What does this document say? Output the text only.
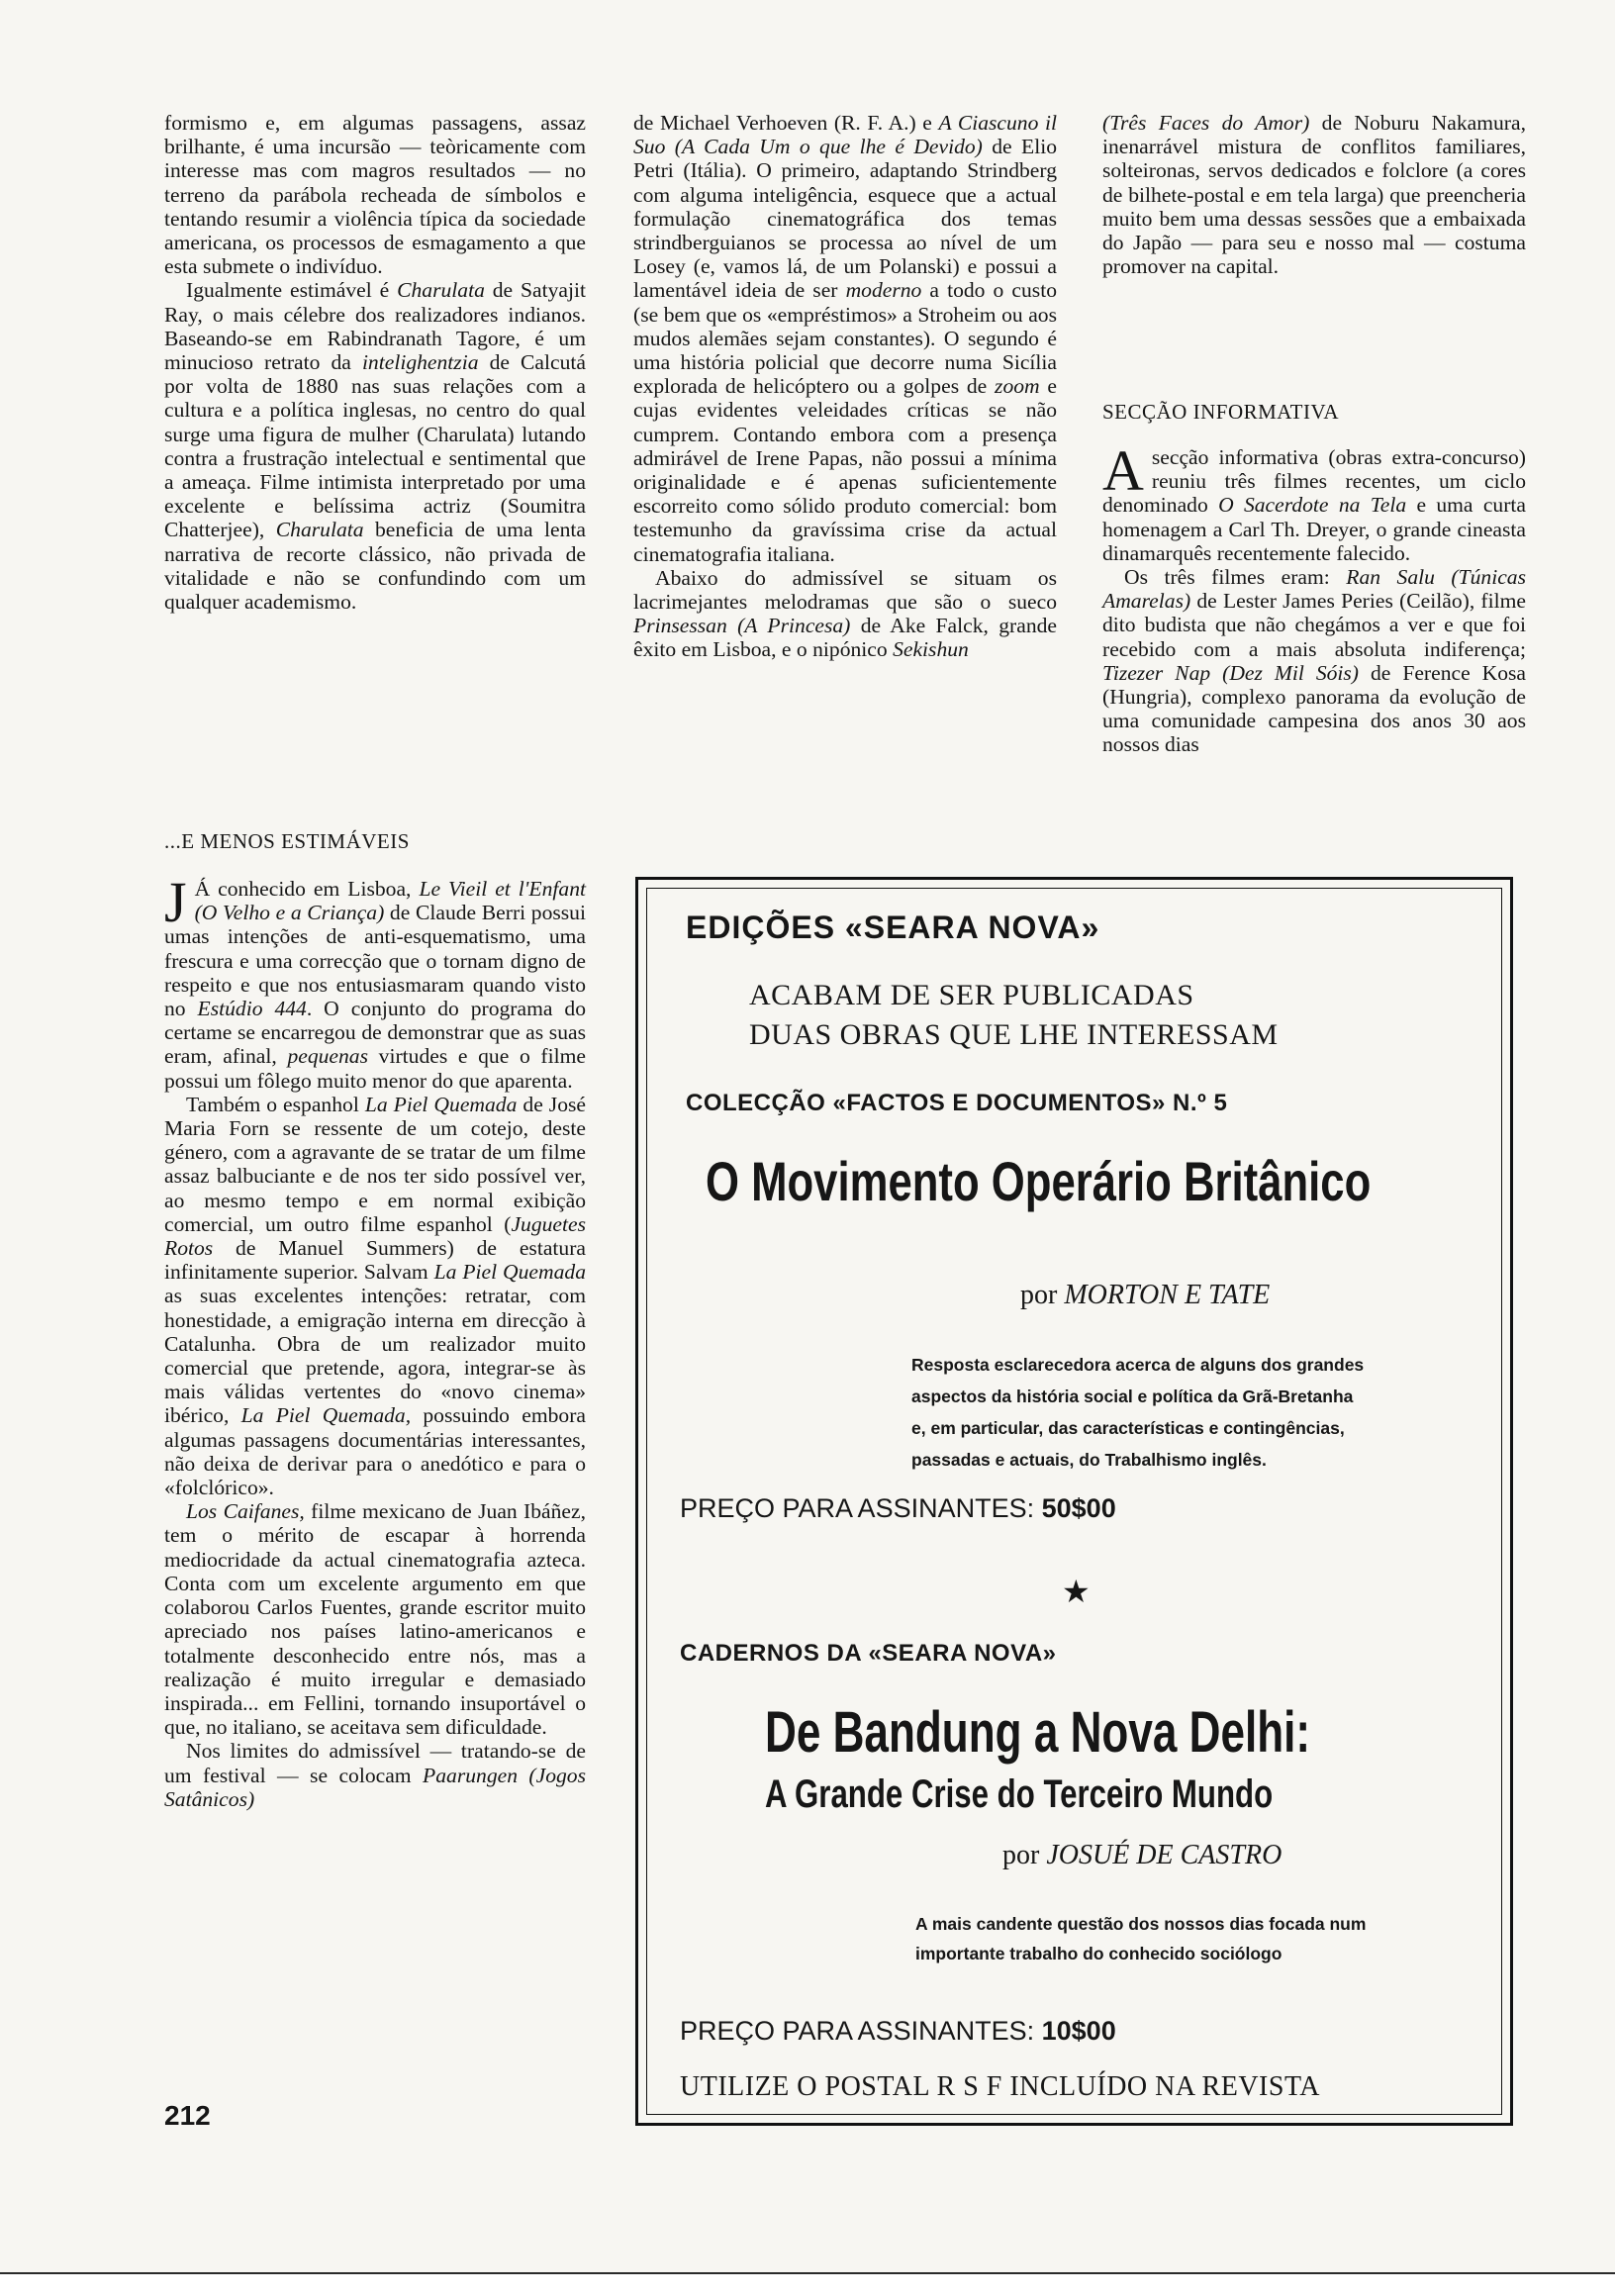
formismo e, em algumas passagens, assaz brilhante, é uma incursão — teòricamente com interesse mas com magros resultados — no terreno da parábola recheada de símbolos e tentando resumir a violência típica da sociedade americana, os processos de esmagamento a que esta submete o indivíduo.

Igualmente estimável é Charulata de Satyajit Ray, o mais célebre dos realizadores indianos. Baseando-se em Rabindranath Tagore, é um minucioso retrato da intelighentzia de Calcutá por volta de 1880 nas suas relações com a cultura e a política inglesas, no centro do qual surge uma figura de mulher (Charulata) lutando contra a frustração intelectual e sentimental que a ameaça. Filme intimista interpretado por uma excelente e belíssima actriz (Soumitra Chatterjee), Charulata beneficia de uma lenta narrativa de recorte clássico, não privada de vitalidade e não se confundindo com um qualquer academismo.

...E MENOS ESTIMÁVEIS

J Á conhecido em Lisboa, Le Vieil et l'Enfant (O Velho e a Criança) de Claude Berri possui umas intenções de anti-esquematismo, uma frescura e uma correcção que o tornam digno de respeito e que nos entusiasmaram quando visto no Estúdio 444. O conjunto do programa do certame se encarregou de demonstrar que as suas eram, afinal, pequenas virtudes e que o filme possui um fôlego muito menor do que aparenta.

Também o espanhol La Piel Quemada de José Maria Forn se ressente de um cotejo, deste género, com a agravante de se tratar de um filme assaz balbuciante e de nos ter sido possível ver, ao mesmo tempo e em normal exibição comercial, um outro filme espanhol (Juguetes Rotos de Manuel Summers) de estatura infinitamente superior. Salvam La Piel Quemada as suas excelentes intenções: retratar, com honestidade, a emigração interna em direcção à Catalunha. Obra de um realizador muito comercial que pretende, agora, integrar-se às mais válidas vertentes do «novo cinema» ibérico, La Piel Quemada, possuindo embora algumas passagens documentárias interessantes, não deixa de derivar para o anedótico e para o «folclórico».

Los Caifanes, filme mexicano de Juan Ibáñez, tem o mérito de escapar à horrenda mediocridade da actual cinematografia azteca. Conta com um excelente argumento em que colaborou Carlos Fuentes, grande escritor muito apreciado nos países latino-americanos e totalmente desconhecido entre nós, mas a realização é muito irregular e demasiado inspirada... em Fellini, tornando insuportável o que, no italiano, se aceitava sem dificuldade.

Nos limites do admissível — tratando-se de um festival — se colocam Paarungen (Jogos Satânicos)

de Michael Verhoeven (R. F. A.) e A Ciascuno il Suo (A Cada Um o que lhe é Devido) de Elio Petri (Itália). O primeiro, adaptando Strindberg com alguma inteligência, esquece que a actual formulação cinematográfica dos temas strindberguianos se processa ao nível de um Losey (e, vamos lá, de um Polanski) e possui a lamentável ideia de ser moderno a todo o custo (se bem que os «empréstimos» a Stroheim ou aos mudos alemães sejam constantes). O segundo é uma história policial que decorre numa Sicília explorada de helicóptero ou a golpes de zoom e cujas evidentes veleidades críticas se não cumprem. Contando embora com a presença admirável de Irene Papas, não possui a mínima originalidade e é apenas suficientemente escorreito como sólido produto comercial: bom testemunho da gravíssima crise da actual cinematografia italiana.

Abaixo do admissível se situam os lacrimejantes melodramas que são o sueco Prinsessan (A Princesa) de Ake Falck, grande êxito em Lisboa, e o nipónico Sekishun

(Três Faces do Amor) de Noburu Nakamura, inenarrável mistura de conflitos familiares, solteironas, servos dedicados e folclore (a cores de bilhete-postal e em tela larga) que preencheria muito bem uma dessas sessões que a embaixada do Japão — para seu e nosso mal — costuma promover na capital.

SECÇÃO INFORMATIVA

A secção informativa (obras extra-concurso) reuniu três filmes recentes, um ciclo denominado O Sacerdote na Tela e uma curta homenagem a Carl Th. Dreyer, o grande cineasta dinamarquês recentemente falecido.

Os três filmes eram: Ran Salu (Túnicas Amarelas) de Lester James Peries (Ceilão), filme dito budista que não chegámos a ver e que foi recebido com a mais absoluta indiferença; Tizezer Nap (Dez Mil Sóis) de Ference Kosa (Hungria), complexo panorama da evolução de uma comunidade campesina dos anos 30 aos nossos dias

EDIÇÕES «SEARA NOVA»
ACABAM DE SER PUBLICADAS
DUAS OBRAS QUE LHE INTERESSAM
COLECÇÃO «FACTOS E DOCUMENTOS» N.º 5
O Movimento Operário Britânico
por MORTON E TATE
Resposta esclarecedora acerca de alguns dos grandes
aspectos da história social e política da Grã-Bretanha
e, em particular, das características e contingências,
passadas e actuais, do Trabalhismo inglês.
PREÇO PARA ASSINANTES: 50$00
★
CADERNOS DA «SEARA NOVA»
De Bandung a Nova Delhi:
A Grande Crise do Terceiro Mundo
por JOSUÉ DE CASTRO
A mais candente questão dos nossos dias focada num
importante trabalho do conhecido sociólogo
PREÇO PARA ASSINANTES: 10$00
UTILIZE O POSTAL R S F INCLUÍDO NA REVISTA
212
